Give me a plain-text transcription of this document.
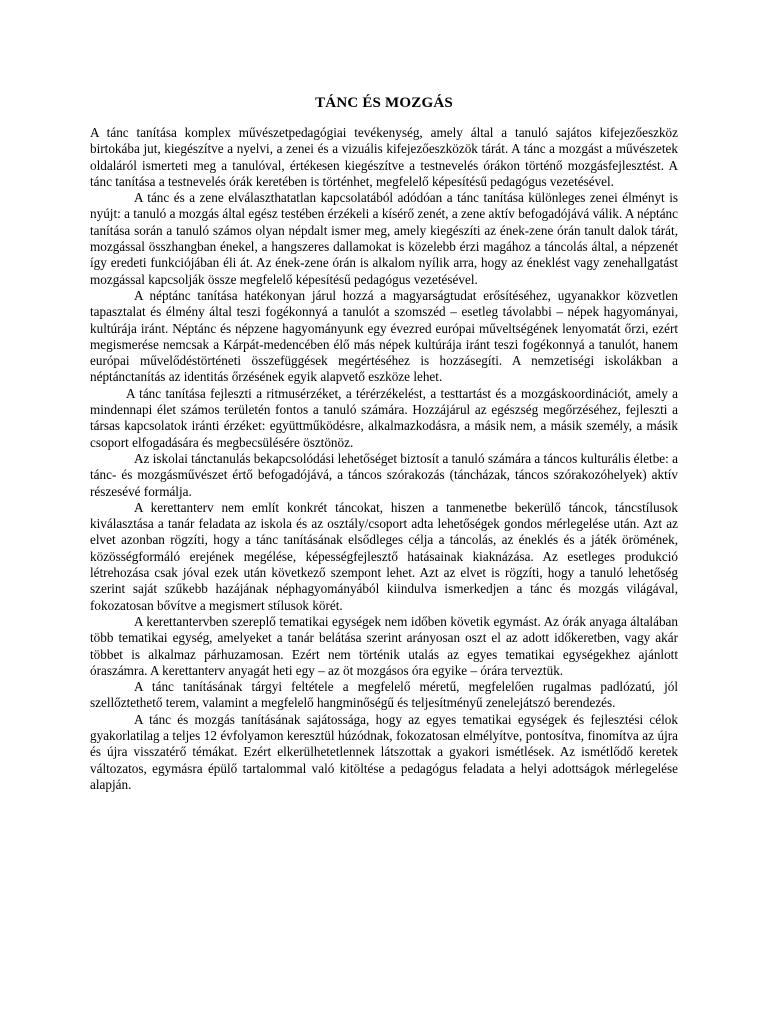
TÁNC ÉS MOZGÁS

A tánc tanítása komplex művészetpedagógiai tevékenység, amely által a tanuló sajátos kifejezőeszköz birtokába jut, kiegészítve a nyelvi, a zenei és a vizuális kifejezőeszközök tárát. A tánc a mozgást a művészetek oldaláról ismerteti meg a tanulóval, értékesen kiegészítve a testnevelés órákon történő mozgásfejlesztést. A tánc tanítása a testnevelés órák keretében is történhet, megfelelő képesítésű pedagógus vezetésével.

A tánc és a zene elválaszthatatlan kapcsolatából adódóan a tánc tanítása különleges zenei élményt is nyújt: a tanuló a mozgás által egész testében érzékeli a kísérő zenét, a zene aktív befogadójává válik. A néptánc tanítása során a tanuló számos olyan népdalt ismer meg, amely kiegészíti az ének-zene órán tanult dalok tárát, mozgással összhangban énekel, a hangszeres dallamokat is közelebb érzi magához a táncolás által, a népzenét így eredeti funkciójában éli át. Az ének-zene órán is alkalom nyílik arra, hogy az éneklést vagy zenehallgatást mozgással kapcsolják össze megfelelő képesítésű pedagógus vezetésével.

A néptánc tanítása hatékonyan járul hozzá a magyarságtudat erősítéséhez, ugyanakkor közvetlen tapasztalat és élmény által teszi fogékonnyá a tanulót a szomszéd – esetleg távolabbi – népek hagyományai, kultúrája iránt. Néptánc és népzene hagyományunk egy évezred európai műveltségének lenyomatát őrzi, ezért megismerése nemcsak a Kárpát-medencében élő más népek kultúrája iránt teszi fogékonnyá a tanulót, hanem európai művelődéstörténeti összefüggések megértéséhez is hozzásegíti. A nemzetiségi iskolákban a néptánctanítás az identitás őrzésének egyik alapvető eszköze lehet.

A tánc tanítása fejleszti a ritmusérzéket, a térérzékelést, a testtartást és a mozgáskoordinációt, amely a mindennapi élet számos területén fontos a tanuló számára. Hozzájárul az egészség megőrzéséhez, fejleszti a társas kapcsolatok iránti érzéket: együttműködésre, alkalmazkodásra, a másik nem, a másik személy, a másik csoport elfogadására és megbecsülésére ösztönöz.

Az iskolai tánctanulás bekapcsolódási lehetőséget biztosít a tanuló számára a táncos kulturális életbe: a tánc- és mozgásművészet értő befogadójává, a táncos szórakozás (táncházak, táncos szórakozóhelyek) aktív részesévé formálja.

A kerettanterv nem említ konkrét táncokat, hiszen a tanmenetbe bekerülő táncok, táncstílusok kiválasztása a tanár feladata az iskola és az osztály/csoport adta lehetőségek gondos mérlegelése után. Azt az elvet azonban rögzíti, hogy a tánc tanításának elsődleges célja a táncolás, az éneklés és a játék örömének, közösségformáló erejének megélése, képességfejlesztő hatásainak kiaknázása. Az esetleges produkció létrehozása csak jóval ezek után következő szempont lehet. Azt az elvet is rögzíti, hogy a tanuló lehetőség szerint saját szűkebb hazájának néphagyományából kiindulva ismerkedjen a tánc és mozgás világával, fokozatosan bővítve a megismert stílusok körét.

A kerettantervben szereplő tematikai egységek nem időben követik egymást. Az órák anyaga általában több tematikai egység, amelyeket a tanár belátása szerint arányosan oszt el az adott időkeretben, vagy akár többet is alkalmaz párhuzamosan. Ezért nem történik utalás az egyes tematikai egységekhez ajánlott óraszámra. A kerettanterv anyagát heti egy – az öt mozgásos óra egyike – órára terveztük.

A tánc tanításának tárgyi feltétele a megfelelő méretű, megfelelően rugalmas padlózatú, jól szellőztethető terem, valamint a megfelelő hangminőségű és teljesítményű zenelejátszó berendezés.

A tánc és mozgás tanításának sajátossága, hogy az egyes tematikai egységek és fejlesztési célok gyakorlatilag a teljes 12 évfolyamon keresztül húzódnak, fokozatosan elmélyítve, pontosítva, finomítva az újra és újra visszatérő témákat. Ezért elkerülhetetlennek látszottak a gyakori ismétlések. Az ismétlődő keretek változatos, egymásra épülő tartalommal való kitöltése a pedagógus feladata a helyi adottságok mérlegelése alapján.
